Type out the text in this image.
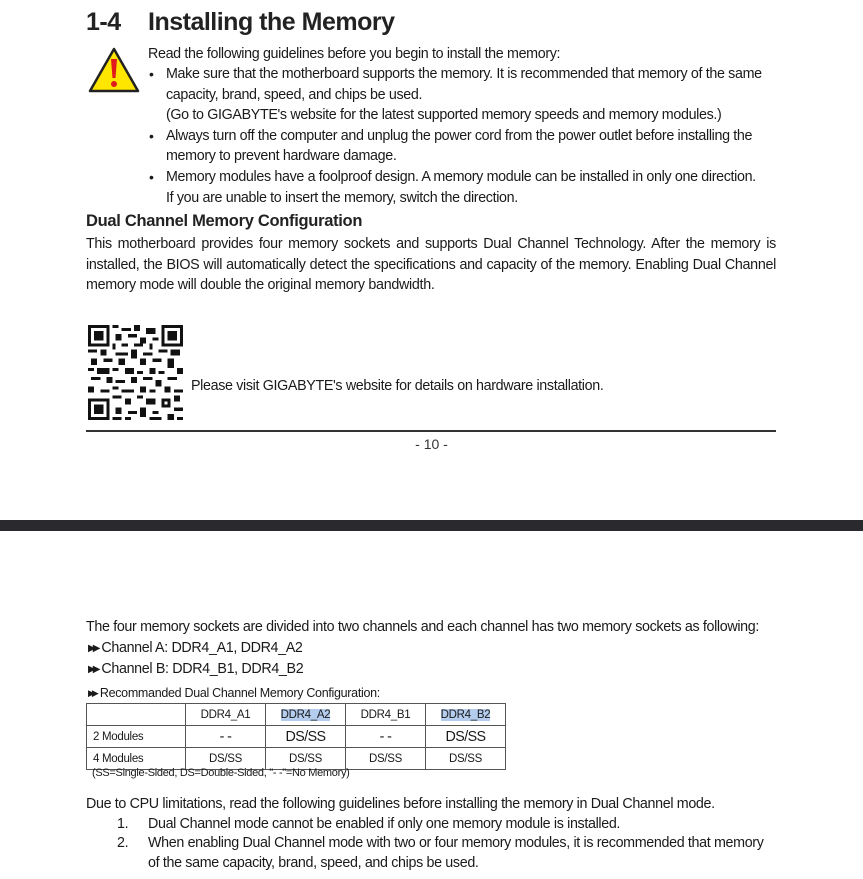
1-4 Installing the Memory
Read the following guidelines before you begin to install the memory:
• Make sure that the motherboard supports the memory. It is recommended that memory of the same
capacity, brand, speed, and chips be used.
(Go to GIGABYTE's website for the latest supported memory speeds and memory modules.)
• Always turn off the computer and unplug the power cord from the power outlet before installing the
memory to prevent hardware damage.
• Memory modules have a foolproof design. A memory module can be installed in only one direction.
If you are unable to insert the memory, switch the direction.
Dual Channel Memory Configuration
This motherboard provides four memory sockets and supports Dual Channel Technology. After the memory is installed, the BIOS will automatically detect the specifications and capacity of the memory. Enabling Dual Channel memory mode will double the original memory bandwidth.
Please visit GIGABYTE's website for details on hardware installation.
- 10 -
The four memory sockets are divided into two channels and each channel has two memory sockets as following:
▶▶ Channel A: DDR4_A1, DDR4_A2
▶▶ Channel B: DDR4_B1, DDR4_B2
▶▶ Recommanded Dual Channel Memory Configuration:
	DDR4_A1	DDR4_A2	DDR4_B1	DDR4_B2
2 Modules	- -	DS/SS	- -	DS/SS
4 Modules	DS/SS	DS/SS	DS/SS	DS/SS
(SS=Single-Sided, DS=Double-Sided, "- -"=No Memory)
Due to CPU limitations, read the following guidelines before installing the memory in Dual Channel mode.
1. Dual Channel mode cannot be enabled if only one memory module is installed.
2. When enabling Dual Channel mode with two or four memory modules, it is recommended that memory
of the same capacity, brand, speed, and chips be used.
